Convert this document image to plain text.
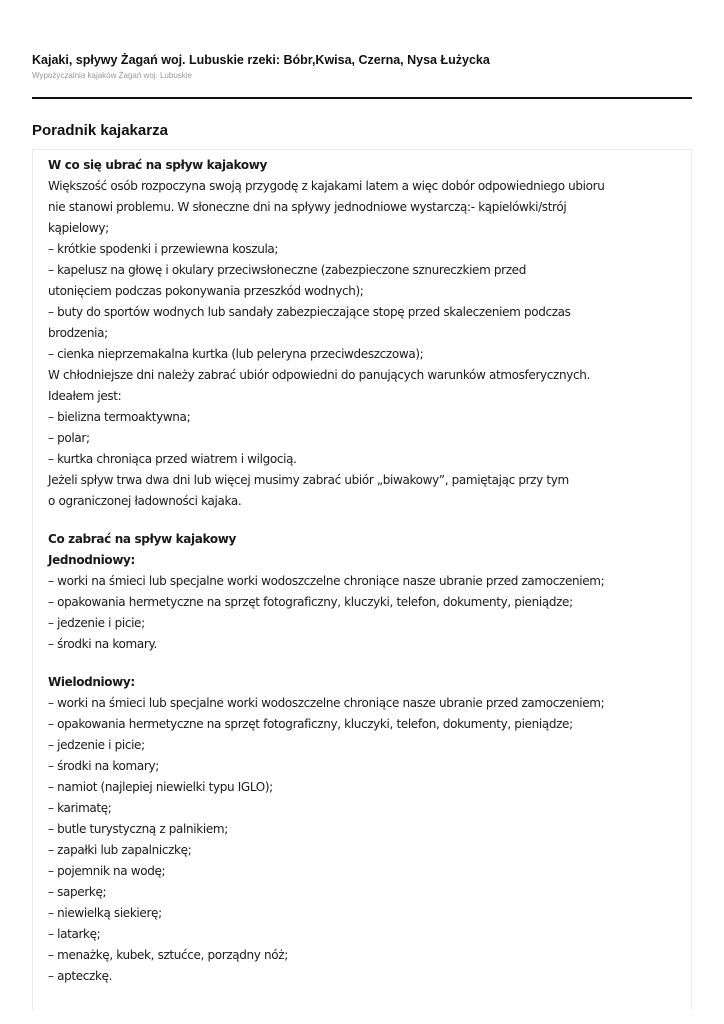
Kajaki, spływy Żagań woj. Lubuskie rzeki: Bóbr,Kwisa, Czerna, Nysa Łużycka
Wypożyczalnia kajaków Żagań woj. Lubuskie
Poradnik kajakarza
W co się ubrać na spływ kajakowy
Większość osób rozpoczyna swoją przygodę z kajakami latem a więc dobór odpowiedniego ubioru
nie stanowi problemu. W słoneczne dni na spływy jednodniowe wystarczą:- kąpielówki/strój
kąpielowy;
– krótkie spodenki i przewiewna koszula;
– kapelusz na głowę i okulary przeciwsłoneczne (zabezpieczone sznureczkiem przed
utonięciem podczas pokonywania przeszkód wodnych);
– buty do sportów wodnych lub sandały zabezpieczające stopę przed skaleczeniem podczas
brodzenia;
– cienka nieprzemakalna kurtka (lub peleryna przeciwdeszczowa);
W chłodniejsze dni należy zabrać ubiór odpowiedni do panujących warunków atmosferycznych.
Ideałem jest:
– bielizna termoaktywna;
– polar;
– kurtka chroniąca przed wiatrem i wilgocią.
Jeżeli spływ trwa dwa dni lub więcej musimy zabrać ubiór „biwakowy”, pamiętając przy tym
o ograniczonej ładowności kajaka.
Co zabrać na spływ kajakowy
Jednodniowy:
– worki na śmieci lub specjalne worki wodoszczelne chroniące nasze ubranie przed zamoczeniem;
– opakowania hermetyczne na sprzęt fotograficzny, kluczyki, telefon, dokumenty, pieniądze;
– jedzenie i picie;
– środki na komary.
Wielodniowy:
– worki na śmieci lub specjalne worki wodoszczelne chroniące nasze ubranie przed zamoczeniem;
– opakowania hermetyczne na sprzęt fotograficzny, kluczyki, telefon, dokumenty, pieniądze;
– jedzenie i picie;
– środki na komary;
– namiot (najlepiej niewielki typu IGLO);
– karimatę;
– butle turystyczną z palnikiem;
– zapałki lub zapalniczkę;
– pojemnik na wodę;
– saperkę;
– niewielką siekierę;
– latarkę;
– menażkę, kubek, sztućce, porządny nóż;
– apteczkę.
